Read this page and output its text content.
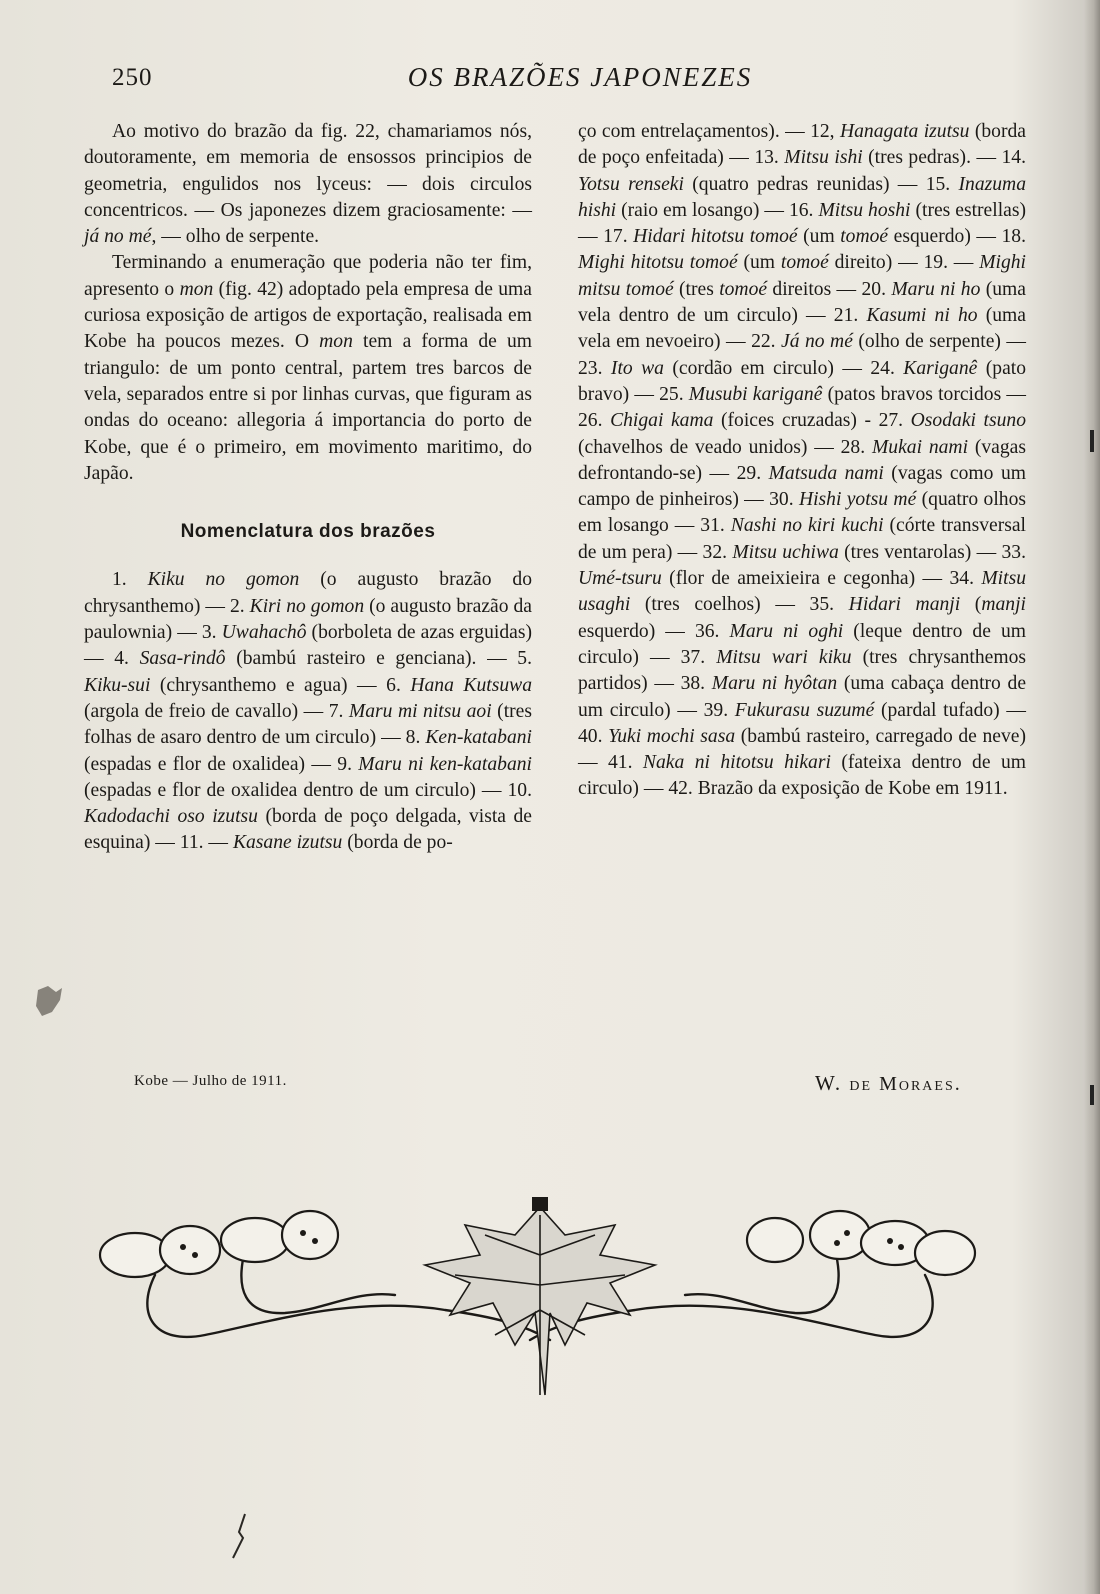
250	OS BRAZÕES JAPONEZES

Ao motivo do brazão da fig. 22, chamariamos nós, doutoramente, em memoria de ensossos principios de geometria, engulidos nos lyceus: — dois circulos concentricos. — Os japonezes dizem graciosamente: — já no mé, — olho de serpente.

Terminando a enumeração que poderia não ter fim, apresento o mon (fig. 42) adoptado pela empresa de uma curiosa exposição de artigos de exportação, realisada em Kobe ha poucos mezes. O mon tem a forma de um triangulo: de um ponto central, partem tres barcos de vela, separados entre si por linhas curvas, que figuram as ondas do oceano: allegoria á importancia do porto de Kobe, que é o primeiro, em movimento maritimo, do Japão.

Nomenclatura dos brazões

1. Kiku no gomon (o augusto brazão do chrysanthemo) — 2. Kiri no gomon (o augusto brazão da paulownia) — 3. Uwahachô (borboleta de azas erguidas) — 4. Sasa-rindô (bambú rasteiro e genciana). — 5. Kiku-sui (chrysanthemo e agua) — 6. Hana Kutsuwa (argola de freio de cavallo) — 7. Maru mi nitsu aoi (tres folhas de asaro dentro de um circulo) — 8. Ken-katabani (espadas e flor de oxalidea) — 9. Maru ni ken-katabani (espadas e flor de oxalidea dentro de um circulo) — 10. Kadodachi oso izutsu (borda de poço delgada, vista de esquina) — 11. — Kasane izutsu (borda de po-

ço com entrelaçamentos). — 12, Hanagata izutsu (borda de poço enfeitada) — 13. Mitsu ishi (tres pedras). — 14. Yotsu renseki (quatro pedras reunidas) — 15. Inazuma hishi (raio em losango) — 16. Mitsu hoshi (tres estrellas) — 17. Hidari hitotsu tomoé (um tomoé esquerdo) — 18. Mighi hitotsu tomoé (um tomoé direito) — 19. — Mighi mitsu tomoé (tres tomoé direitos — 20. Maru ni ho (uma vela dentro de um circulo) — 21. Kasumi ni ho (uma vela em nevoeiro) — 22. Já no mé (olho de serpente) — 23. Ito wa (cordão em circulo) — 24. Kariganê (pato bravo) — 25. Musubi kariganê (patos bravos torcidos — 26. Chigai kama (foices cruzadas) - 27. Osodaki tsuno (chavelhos de veado unidos) — 28. Mukai nami (vagas defrontando-se) — 29. Matsuda nami (vagas como um campo de pinheiros) — 30. Hishi yotsu mé (quatro olhos em losango — 31. Nashi no kiri kuchi (córte transversal de um pera) — 32. Mitsu uchiwa (tres ventarolas) — 33. Umé-tsuru (flor de ameixieira e cegonha) — 34. Mitsu usaghi (tres coelhos) — 35. Hidari manji (manji esquerdo) — 36. Maru ni oghi (leque dentro de um circulo) — 37. Mitsu wari kiku (tres chrysanthemos partidos) — 38. Maru ni hyôtan (uma cabaça dentro de um circulo) — 39. Fukurasu suzumé (pardal tufado) — 40. Yuki mochi sasa (bambú rasteiro, carregado de neve) — 41. Naka ni hitotsu hikari (fateixa dentro de um circulo) — 42. Brazão da exposição de Kobe em 1911.

Kobe — Julho de 1911.	W. de Moraes.
